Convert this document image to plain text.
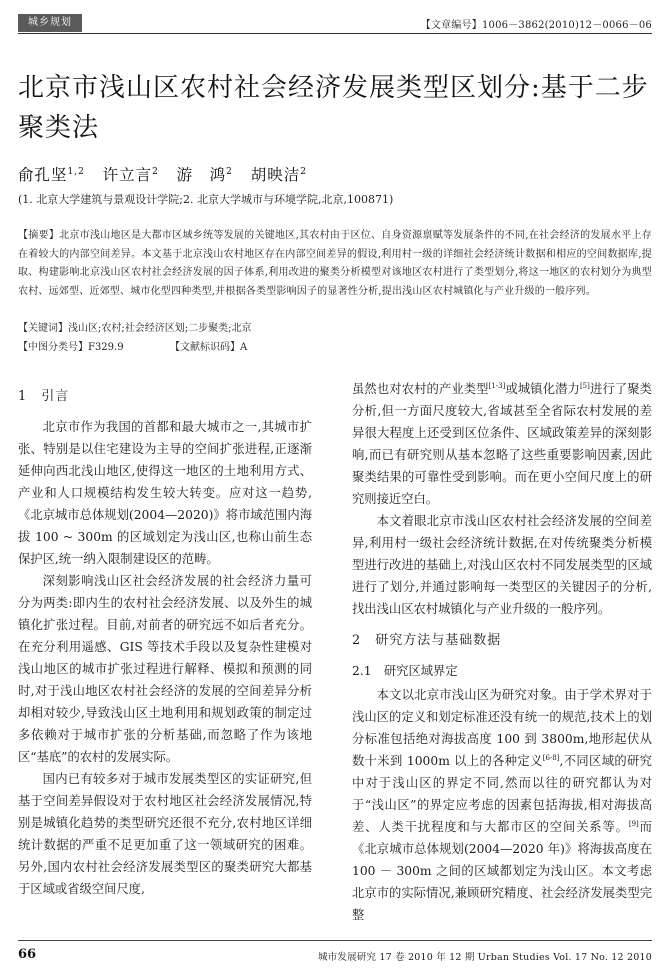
城乡规划	【文章编号】1006－3862(2010)12－0066－06
北京市浅山区农村社会经济发展类型区划分:基于二步聚类法
俞孔坚$^{1,2}$ 许立言$^2$ 游　鸿$^2$ 胡映洁$^2$
(1. 北京大学建筑与景观设计学院;2. 北京大学城市与环境学院,北京,100871)
【摘要】北京市浅山地区是大都市区域乡统等发展的关键地区,其农村由于区位、自身资源禀赋等发展条件的不同,在社会经济的发展水平上存在着较大的内部空间差异。本文基于北京浅山农村地区存在内部空间差异的假设,利用村一级的详细社会经济统计数据和相应的空间数据库,提取、构建影响北京浅山区农村社会经济发展的因子体系,利用改进的聚类分析模型对该地区农村进行了类型划分,将这一地区的农村划分为典型农村、远郊型、近郊型、城市化型四种类型,并根据各类型影响因子的显著性分析,提出浅山区农村城镇化与产业升级的一般序列。
【关键词】浅山区;农村;社会经济区划;二步聚类;北京
【中图分类号】F329.9	【文献标识码】A
1　引言

北京市作为我国的首都和最大城市之一,其城市扩张、特别是以住宅建设为主导的空间扩张进程,正逐渐延伸向西北浅山地区,使得这一地区的土地利用方式、产业和人口规模结构发生较大转变。应对这一趋势,《北京城市总体规划(2004—2020)》将市域范围内海拔 100 ~ 300m 的区域划定为浅山区,也称山前生态保护区,统一纳入限制建设区的范畴。

深刻影响浅山区社会经济发展的社会经济力量可分为两类:即内生的农村社会经济发展、以及外生的城镇化扩张过程。目前,对前者的研究远不如后者充分。在充分利用遥感、GIS 等技术手段以及复杂性建模对浅山地区的城市扩张过程进行解释、模拟和预测的同时,对于浅山地区农村社会经济的发展的空间差异分析却相对较少,导致浅山区土地利用和规划政策的制定过多依赖对于城市扩张的分析基础,而忽略了作为该地区“基底”的农村的发展实际。

国内已有较多对于城市发展类型区的实证研究,但基于空间差异假设对于农村地区社会经济发展情况,特别是城镇化趋势的类型研究还很不充分,农村地区详细统计数据的严重不足更加重了这一领域研究的困难。另外,国内农村社会经济发展类型区的聚类研究大都基于区域或省级空间尺度,

虽然也对农村的产业类型[1-3]或城镇化潜力[5]进行了聚类分析,但一方面尺度较大,省域甚至全省际农村发展的差异很大程度上还受到区位条件、区域政策差异的深刻影响,而已有研究则从基本忽略了这些重要影响因素,因此聚类结果的可靠性受到影响。而在更小空间尺度上的研究则接近空白。

本文着眼北京市浅山区农村社会经济发展的空间差异,利用村一级社会经济统计数据,在对传统聚类分析模型进行改进的基础上,对浅山区农村不同发展类型的区域进行了划分,并通过影响每一类型区的关键因子的分析,找出浅山区农村城镇化与产业升级的一般序列。

2　研究方法与基础数据
2.1　研究区域界定

本文以北京市浅山区为研究对象。由于学术界对于浅山区的定义和划定标准还没有统一的规范,技术上的划分标准包括绝对海拔高度 100 到 3800m,地形起伏从数十米到 1000m 以上的各种定义[6-8],不同区域的研究中对于浅山区的界定不同,然而以往的研究都认为对于“浅山区”的界定应考虑的因素包括海拔,相对海拔高差、人类干扰程度和与大都市区的空间关系等。[9]而《北京城市总体规划(2004—2020 年)》将海拔高度在 100 － 300m 之间的区域都划定为浅山区。本文考虑北京市的实际情况,兼顾研究精度、社会经济发展类型完整

66	城市发展研究 17 卷 2010 年 12 期 Urban Studies Vol. 17 No. 12 2010
